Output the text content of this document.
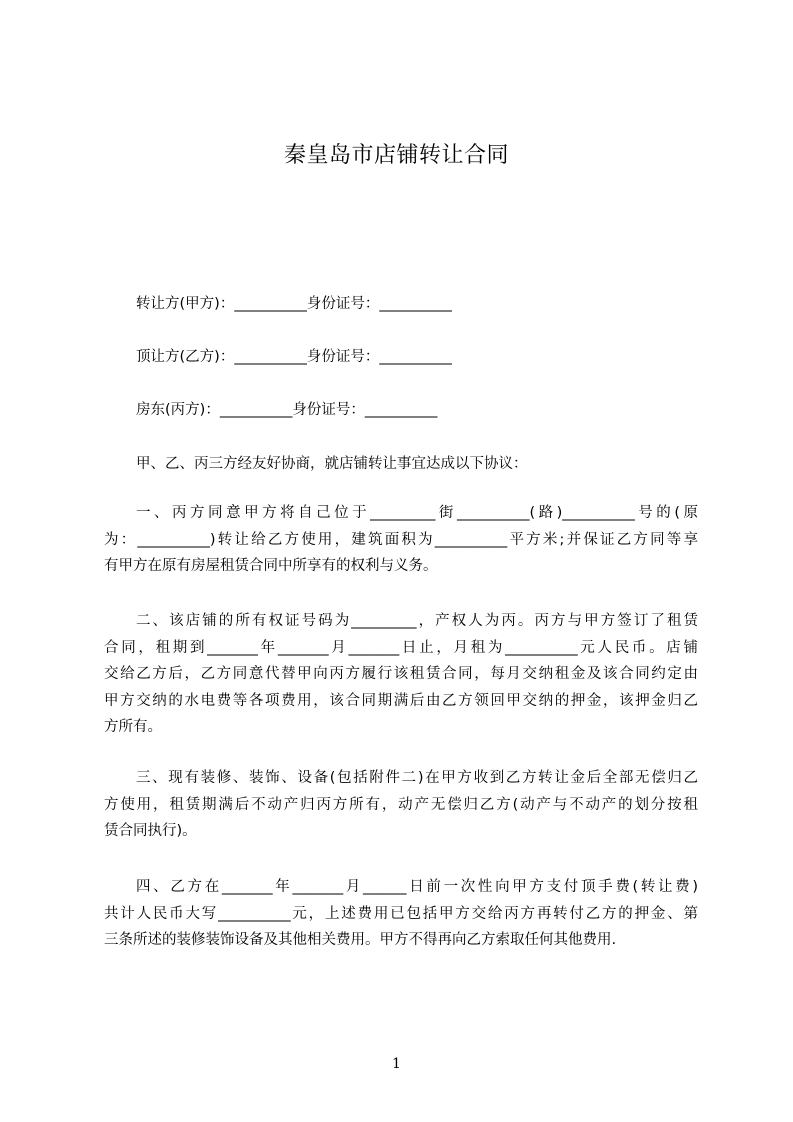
秦皇岛市店铺转让合同
转让方(甲方)：__________身份证号：__________
顶让方(乙方)：__________身份证号：__________
房东(丙方)：__________身份证号：__________
甲、乙、丙三方经友好协商，就店铺转让事宜达成以下协议：
一、丙方同意甲方将自己位于_________街__________(路)__________号的(原
为：__________)转让给乙方使用，建筑面积为__________平方米;并保证乙方同等享
有甲方在原有房屋租赁合同中所享有的权利与义务。
二、该店铺的所有权证号码为_________，产权人为丙。丙方与甲方签订了租赁
合同，租期到_______年_______月_______日止，月租为__________元人民币。店铺
交给乙方后，乙方同意代替甲向丙方履行该租赁合同，每月交纳租金及该合同约定由
甲方交纳的水电费等各项费用，该合同期满后由乙方领回甲交纳的押金，该押金归乙
方所有。
三、现有装修、装饰、设备(包括附件二)在甲方收到乙方转让金后全部无偿归乙
方使用，租赁期满后不动产归丙方所有，动产无偿归乙方(动产与不动产的划分按租
赁合同执行)。
四、乙方在_______年_______月______日前一次性向甲方支付顶手费(转让费)
共计人民币大写__________元，上述费用已包括甲方交给丙方再转付乙方的押金、第
三条所述的装修装饰设备及其他相关费用。甲方不得再向乙方索取任何其他费用.
1
